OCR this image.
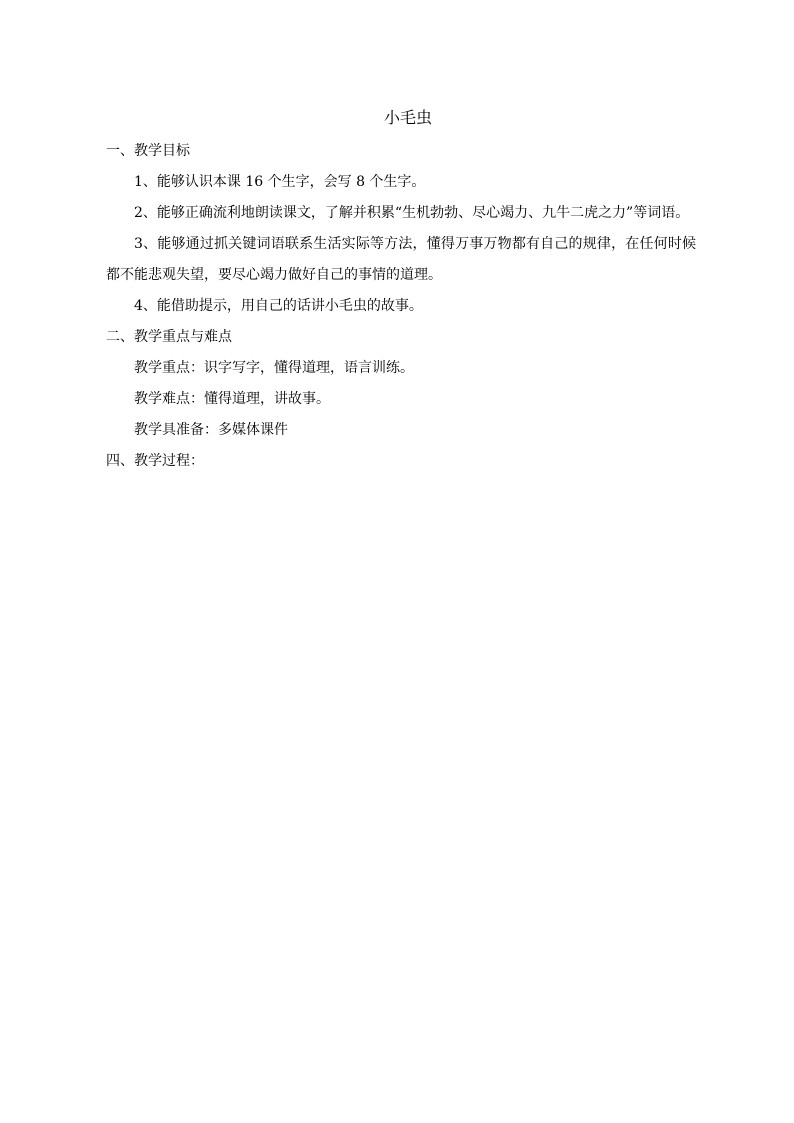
小毛虫
一、教学目标

1、能够认识本课 16 个生字，会写 8 个生字。

2、能够正确流利地朗读课文，了解并积累“生机勃勃、尽心竭力、九牛二虎之力”等词语。

3、能够通过抓关键词语联系生活实际等方法，懂得万事万物都有自己的规律，在任何时候都不能悲观失望，要尽心竭力做好自己的事情的道理。

4、能借助提示，用自己的话讲小毛虫的故事。

二、教学重点与难点
教学重点：识字写字，懂得道理，语言训练。
教学难点：懂得道理，讲故事。
教学具准备：多媒体课件
四、教学过程：
